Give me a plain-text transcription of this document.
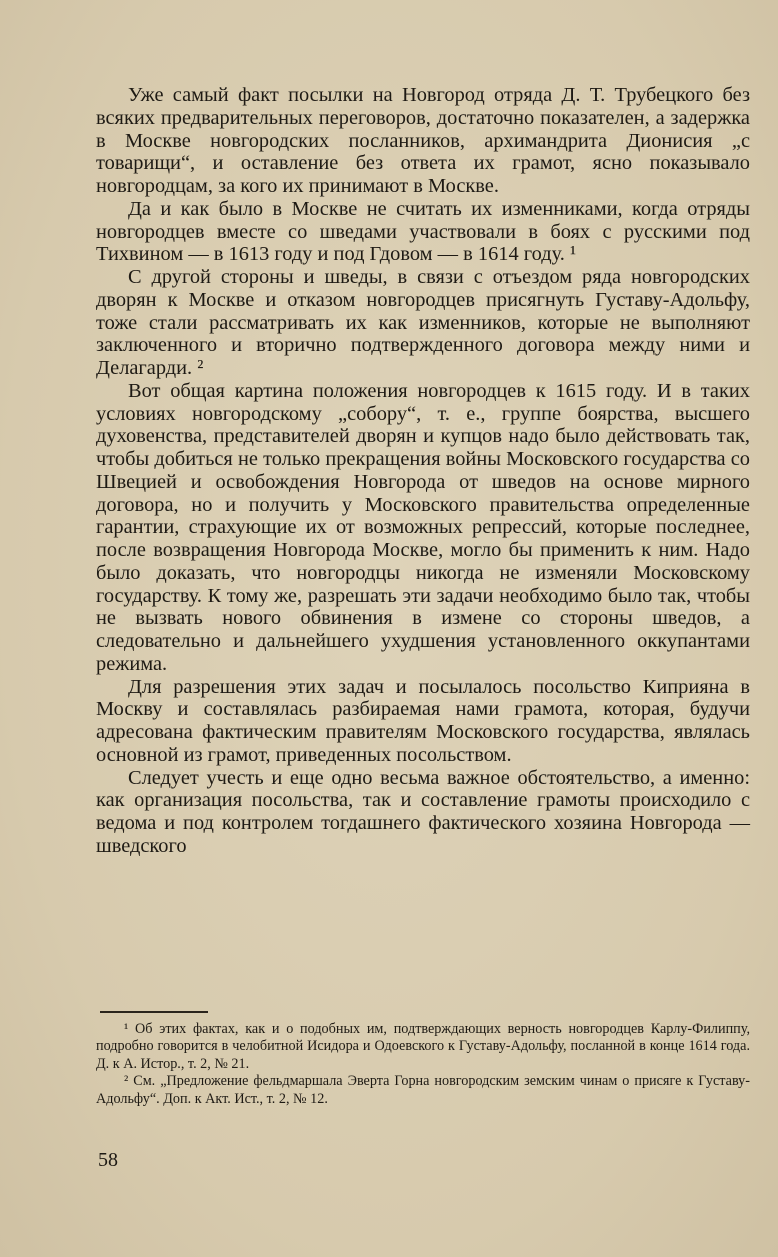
Уже самый факт посылки на Новгород отряда Д. Т. Трубецкого без всяких предварительных переговоров, достаточно показателен, а задержка в Москве новгородских посланников, архимандрита Дионисия „с товарищи“, и оставление без ответа их грамот, ясно показывало новгородцам, за кого их принимают в Москве.

Да и как было в Москве не считать их изменниками, когда отряды новгородцев вместе со шведами участвовали в боях с русскими под Тихвином — в 1613 году и под Гдовом — в 1614 году. ¹

С другой стороны и шведы, в связи с отъездом ряда новгородских дворян к Москве и отказом новгородцев присягнуть Густаву-Адольфу, тоже стали рассматривать их как изменников, которые не выполняют заключенного и вторично подтвержденного договора между ними и Делагарди. ²

Вот общая картина положения новгородцев к 1615 году. И в таких условиях новгородскому „собору“, т. е., группе боярства, высшего духовенства, представителей дворян и купцов надо было действовать так, чтобы добиться не только прекращения войны Московского государства со Швецией и освобождения Новгорода от шведов на основе мирного договора, но и получить у Московского правительства определенные гарантии, страхующие их от возможных репрессий, которые последнее, после возвращения Новгорода Москве, могло бы применить к ним. Надо было доказать, что новгородцы никогда не изменяли Московскому государству. К тому же, разрешать эти задачи необходимо было так, чтобы не вызвать нового обвинения в измене со стороны шведов, а следовательно и дальнейшего ухудшения установленного оккупантами режима.

Для разрешения этих задач и посылалось посольство Киприяна в Москву и составлялась разбираемая нами грамота, которая, будучи адресована фактическим правителям Московского государства, являлась основной из грамот, приведенных посольством.

Следует учесть и еще одно весьма важное обстоятельство, а именно: как организация посольства, так и составление грамоты происходило с ведома и под контролем тогдашнего фактического хозяина Новгорода — шведского

¹ Об этих фактах, как и о подобных им, подтверждающих верность новгородцев Карлу-Филиппу, подробно говорится в челобитной Исидора и Одоевского к Густаву-Адольфу, посланной в конце 1614 года. Д. к А. Истор., т. 2, № 21.

² См. „Предложение фельдмаршала Эверта Горна новгородским земским чинам о присяге к Густаву-Адольфу“. Доп. к Акт. Ист., т. 2, № 12.

58
